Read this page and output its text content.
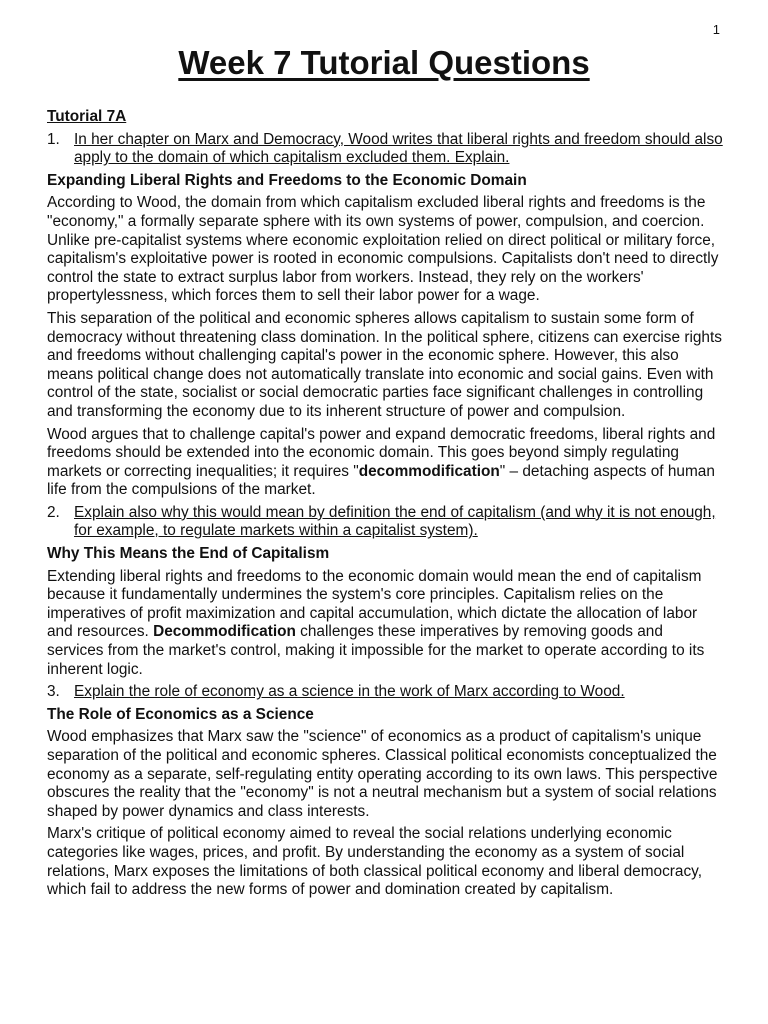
1
Week 7 Tutorial Questions

Tutorial 7A

1. In her chapter on Marx and Democracy, Wood writes that liberal rights and freedom should also apply to the domain of which capitalism excluded them. Explain.

Expanding Liberal Rights and Freedoms to the Economic Domain

According to Wood, the domain from which capitalism excluded liberal rights and freedoms is the "economy," a formally separate sphere with its own systems of power, compulsion, and coercion. Unlike pre-capitalist systems where economic exploitation relied on direct political or military force, capitalism's exploitative power is rooted in economic compulsions. Capitalists don't need to directly control the state to extract surplus labor from workers. Instead, they rely on the workers' propertylessness, which forces them to sell their labor power for a wage.

This separation of the political and economic spheres allows capitalism to sustain some form of democracy without threatening class domination. In the political sphere, citizens can exercise rights and freedoms without challenging capital's power in the economic sphere. However, this also means political change does not automatically translate into economic and social gains. Even with control of the state, socialist or social democratic parties face significant challenges in controlling and transforming the economy due to its inherent structure of power and compulsion.

Wood argues that to challenge capital's power and expand democratic freedoms, liberal rights and freedoms should be extended into the economic domain. This goes beyond simply regulating markets or correcting inequalities; it requires "decommodification" – detaching aspects of human life from the compulsions of the market.

2. Explain also why this would mean by definition the end of capitalism (and why it is not enough, for example, to regulate markets within a capitalist system).

Why This Means the End of Capitalism

Extending liberal rights and freedoms to the economic domain would mean the end of capitalism because it fundamentally undermines the system's core principles. Capitalism relies on the imperatives of profit maximization and capital accumulation, which dictate the allocation of labor and resources. Decommodification challenges these imperatives by removing goods and services from the market's control, making it impossible for the market to operate according to its inherent logic.

3. Explain the role of economy as a science in the work of Marx according to Wood.

The Role of Economics as a Science

Wood emphasizes that Marx saw the "science" of economics as a product of capitalism's unique separation of the political and economic spheres. Classical political economists conceptualized the economy as a separate, self-regulating entity operating according to its own laws. This perspective obscures the reality that the "economy" is not a neutral mechanism but a system of social relations shaped by power dynamics and class interests.

Marx's critique of political economy aimed to reveal the social relations underlying economic categories like wages, prices, and profit. By understanding the economy as a system of social relations, Marx exposes the limitations of both classical political economy and liberal democracy, which fail to address the new forms of power and domination created by capitalism.
